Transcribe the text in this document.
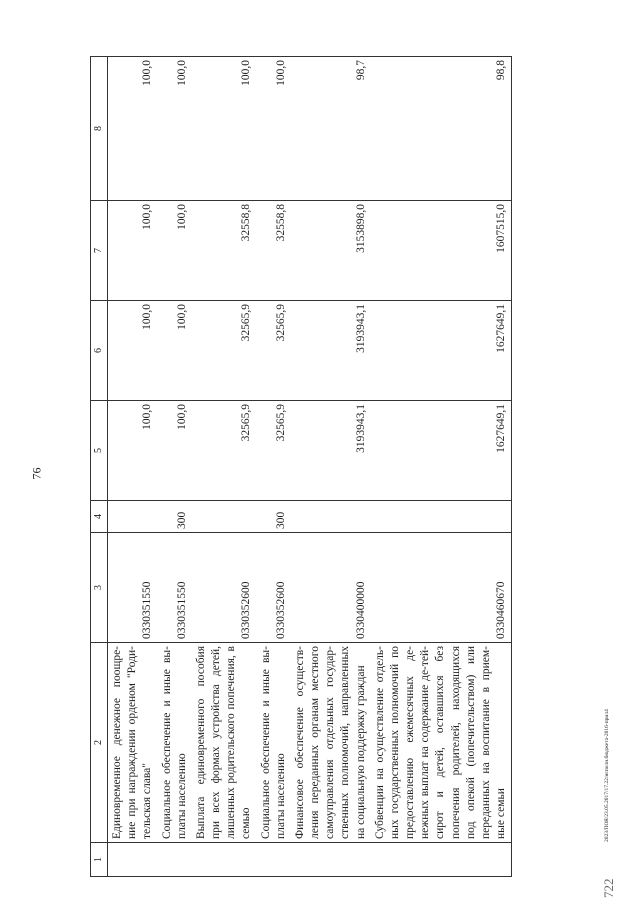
76
1	2	3	4	5	6	7	8
	Единовременное денежное поощре-ние при награждении орденом "Роди-тельская слава"	0330351550		100,0	100,0	100,0	100,0
	Социальное обеспечение и иные вы-платы населению	0330351550	300	100,0	100,0	100,0	100,0
	Выплата единовременного пособия при всех формах устройства детей, лишенных родительского попечения, в семью	0330352600		32565,9	32565,9	32558,8	100,0
	Социальное обеспечение и иные вы-платы населению	0330352600	300	32565,9	32565,9	32558,8	100,0
	Финансовое обеспечение осуществ-ления переданных органам местного самоуправления отдельных государ-ственных полномочий, направленных на социальную поддержку граждан	0330400000		3193943,1	3193943,1	3153898,0	98,7
	Субвенции на осуществление отдель-ных государственных полномочий по предоставлению ежемесячных де-нежных выплат на содержание де-тей-сирот и детей, оставшихся без попечения родителей, находящихся под опекой (попечительством) или переданных на воспитание в прием-ные семьи	0330460670		1627649,1	1627649,1	1607515,0	98,8
2023/ПОЯ/23.05.2017/17.22/исполн.бюджета-2016-прил4
722
